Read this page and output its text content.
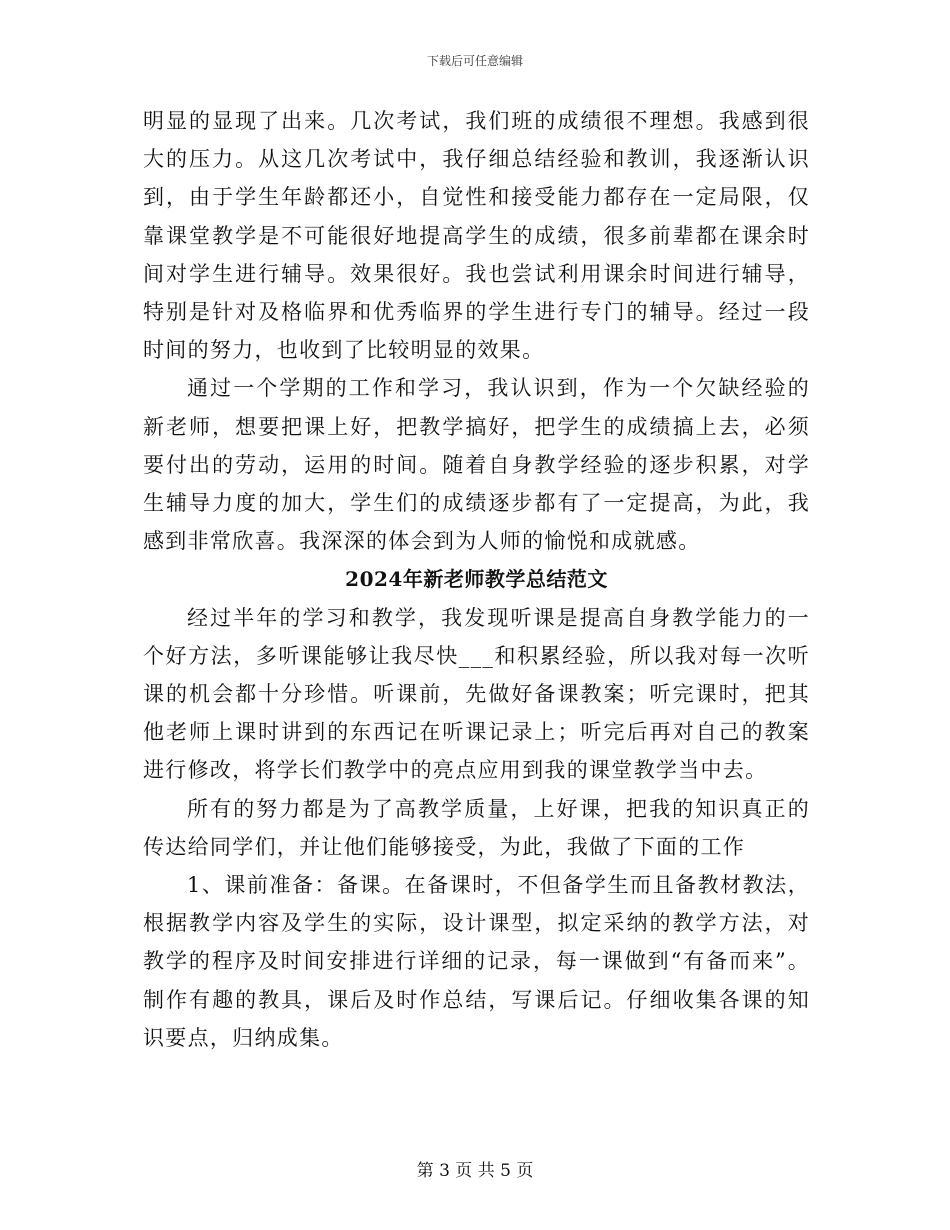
下载后可任意编辑

明显的显现了出来。几次考试，我们班的成绩很不理想。我感到很大的压力。从这几次考试中，我仔细总结经验和教训，我逐渐认识到，由于学生年龄都还小，自觉性和接受能力都存在一定局限，仅靠课堂教学是不可能很好地提高学生的成绩，很多前辈都在课余时间对学生进行辅导。效果很好。我也尝试利用课余时间进行辅导，特别是针对及格临界和优秀临界的学生进行专门的辅导。经过一段时间的努力，也收到了比较明显的效果。

通过一个学期的工作和学习，我认识到，作为一个欠缺经验的新老师，想要把课上好，把教学搞好，把学生的成绩搞上去，必须要付出的劳动，运用的时间。随着自身教学经验的逐步积累，对学生辅导力度的加大，学生们的成绩逐步都有了一定提高，为此，我感到非常欣喜。我深深的体会到为人师的愉悦和成就感。

2024年新老师教学总结范文

经过半年的学习和教学，我发现听课是提高自身教学能力的一个好方法，多听课能够让我尽快___和积累经验，所以我对每一次听课的机会都十分珍惜。听课前，先做好备课教案；听完课时，把其他老师上课时讲到的东西记在听课记录上；听完后再对自己的教案进行修改，将学长们教学中的亮点应用到我的课堂教学当中去。

所有的努力都是为了高教学质量，上好课，把我的知识真正的传达给同学们，并让他们能够接受，为此，我做了下面的工作

1、课前准备：备课。在备课时，不但备学生而且备教材教法，根据教学内容及学生的实际，设计课型，拟定采纳的教学方法，对教学的程序及时间安排进行详细的记录，每一课做到“有备而来”。制作有趣的教具，课后及时作总结，写课后记。仔细收集各课的知识要点，归纳成集。

第 3 页 共 5 页
